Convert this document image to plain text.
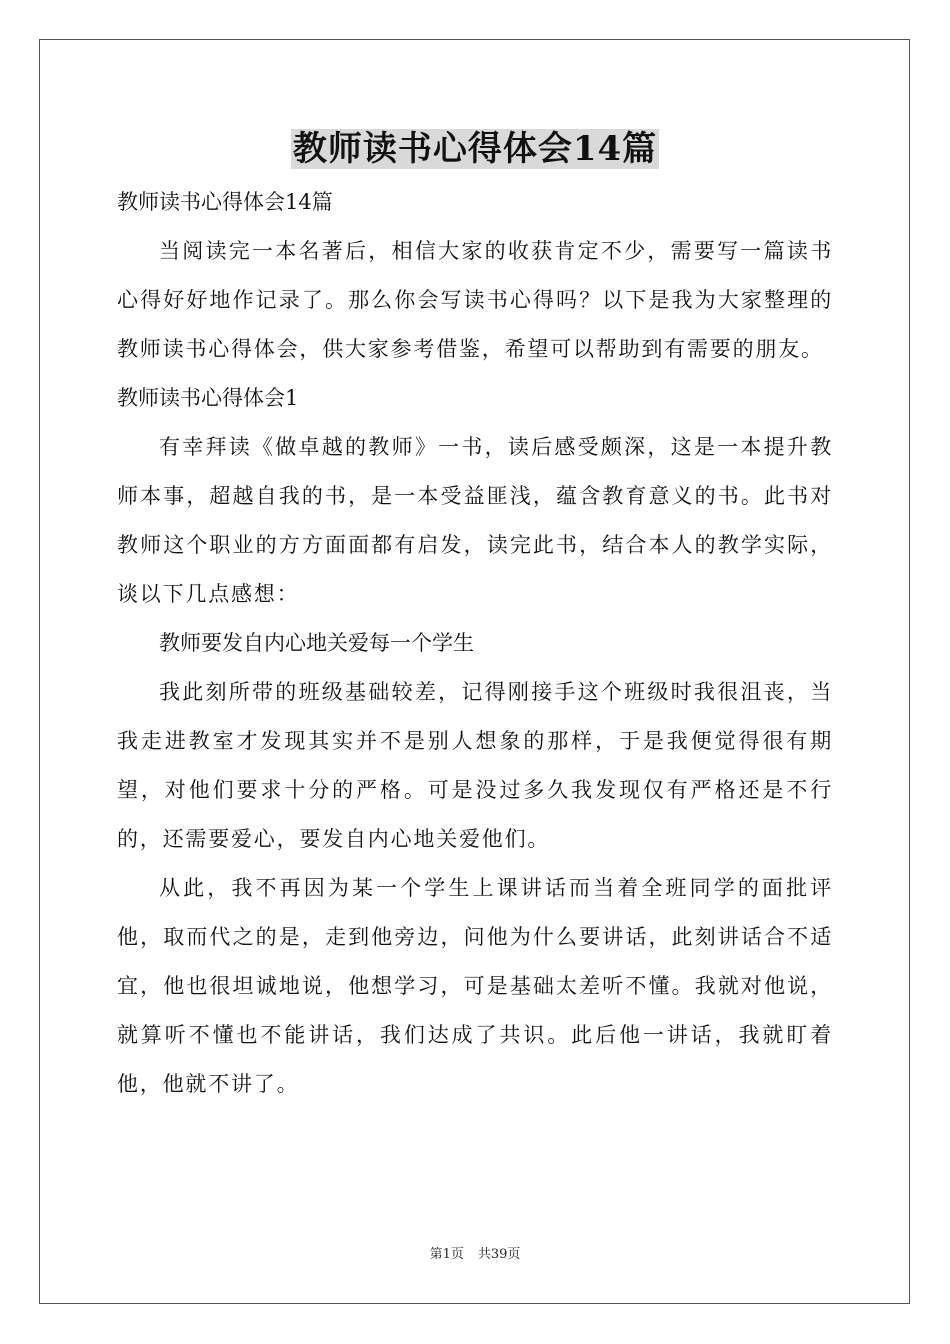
教师读书心得体会14篇

教师读书心得体会14篇

当阅读完一本名著后，相信大家的收获肯定不少，需要写一篇读书心得好好地作记录了。那么你会写读书心得吗？以下是我为大家整理的教师读书心得体会，供大家参考借鉴，希望可以帮助到有需要的朋友。

教师读书心得体会1

有幸拜读《做卓越的教师》一书，读后感受颇深，这是一本提升教师本事，超越自我的书，是一本受益匪浅，蕴含教育意义的书。此书对教师这个职业的方方面面都有启发，读完此书，结合本人的教学实际，谈以下几点感想：

教师要发自内心地关爱每一个学生

我此刻所带的班级基础较差，记得刚接手这个班级时我很沮丧，当我走进教室才发现其实并不是别人想象的那样，于是我便觉得很有期望，对他们要求十分的严格。可是没过多久我发现仅有严格还是不行的，还需要爱心，要发自内心地关爱他们。

从此，我不再因为某一个学生上课讲话而当着全班同学的面批评他，取而代之的是，走到他旁边，问他为什么要讲话，此刻讲话合不适宜，他也很坦诚地说，他想学习，可是基础太差听不懂。我就对他说，就算听不懂也不能讲话，我们达成了共识。此后他一讲话，我就盯着他，他就不讲了。

第1页 共39页
